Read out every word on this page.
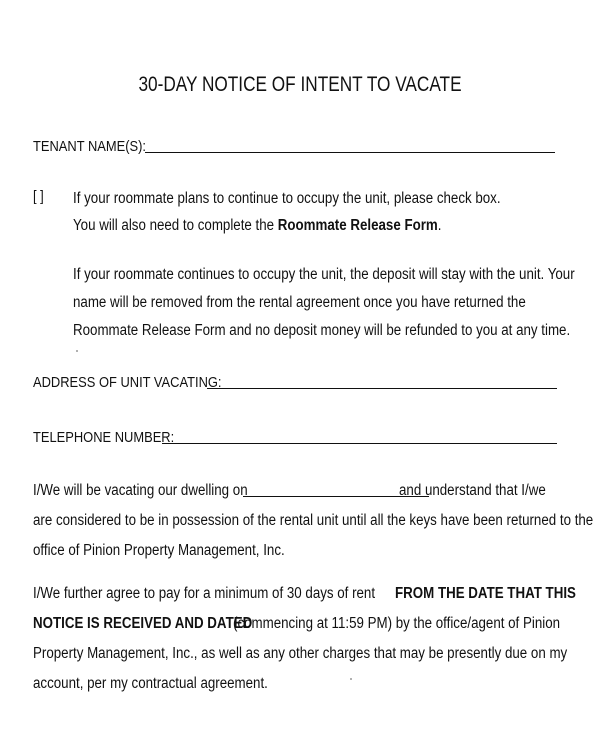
30-DAY NOTICE OF INTENT TO VACATE
TENANT NAME(S):
[ ] If your roommate plans to continue to occupy the unit, please check box.
You will also need to complete the Roommate Release Form.
If your roommate continues to occupy the unit, the deposit will stay with the unit. Your
name will be removed from the rental agreement once you have returned the
Roommate Release Form and no deposit money will be refunded to you at any time.
ADDRESS OF UNIT VACATING:
TELEPHONE NUMBER:
I/We will be vacating our dwelling on	and understand that I/we
are considered to be in possession of the rental unit until all the keys have been returned to the
office of Pinion Property Management, Inc.
I/We further agree to pay for a minimum of 30 days of rent FROM THE DATE THAT THIS
NOTICE IS RECEIVED AND DATED
(commencing at 11:59 PM) by the office/agent of Pinion
Property Management, Inc., as well as any other charges that may be presently due on my
account, per my contractual agreement.
